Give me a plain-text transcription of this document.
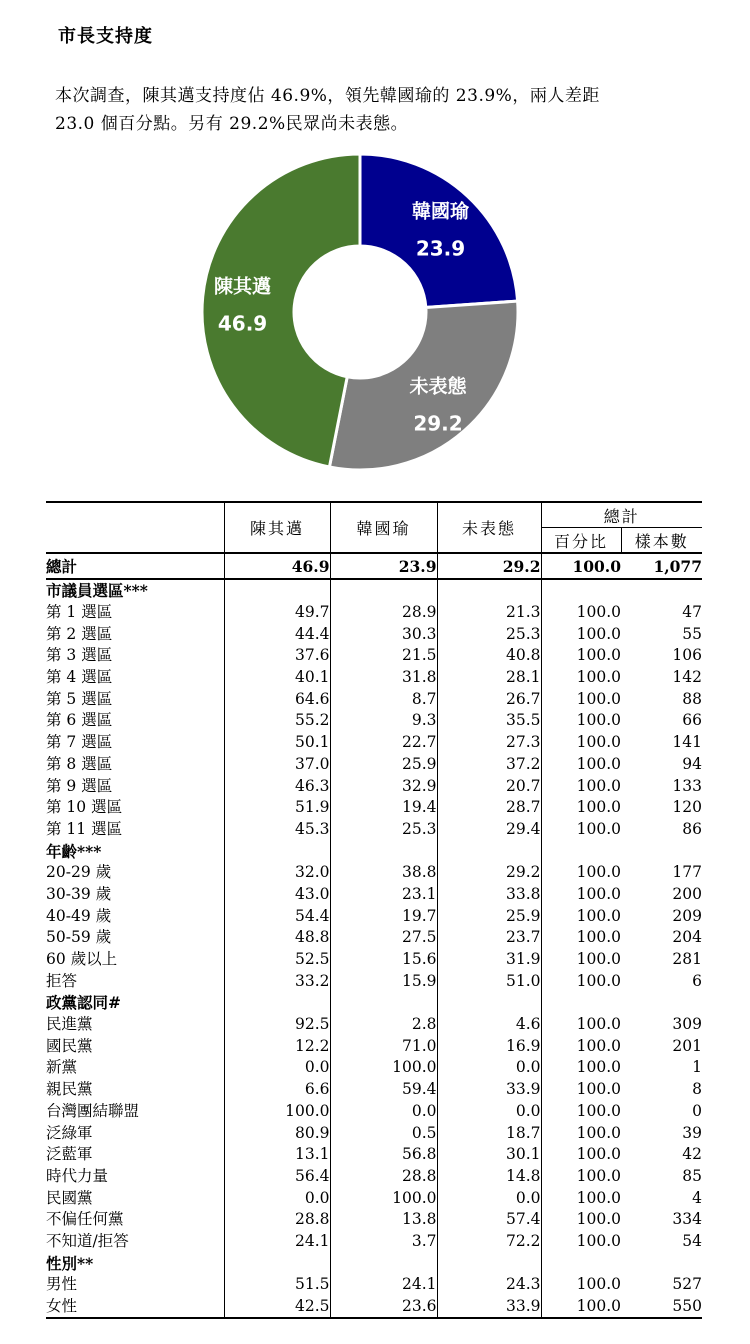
市長支持度
本次調查，陳其邁支持度佔 46.9%，領先韓國瑜的 23.9%，兩人差距
23.0 個百分點。另有 29.2%民眾尚未表態。
韓國瑜
23.9
未表態
29.2
陳其邁
46.9
	陳其邁	韓國瑜	未表態	總計	
				百分比	樣本數
總計	46.9	23.9	29.2	100.0	1,077
市議員選區***					
第 1 選區	49.7	28.9	21.3	100.0	47
第 2 選區	44.4	30.3	25.3	100.0	55
第 3 選區	37.6	21.5	40.8	100.0	106
第 4 選區	40.1	31.8	28.1	100.0	142
第 5 選區	64.6	8.7	26.7	100.0	88
第 6 選區	55.2	9.3	35.5	100.0	66
第 7 選區	50.1	22.7	27.3	100.0	141
第 8 選區	37.0	25.9	37.2	100.0	94
第 9 選區	46.3	32.9	20.7	100.0	133
第 10 選區	51.9	19.4	28.7	100.0	120
第 11 選區	45.3	25.3	29.4	100.0	86
年齡***					
20-29 歲	32.0	38.8	29.2	100.0	177
30-39 歲	43.0	23.1	33.8	100.0	200
40-49 歲	54.4	19.7	25.9	100.0	209
50-59 歲	48.8	27.5	23.7	100.0	204
60 歲以上	52.5	15.6	31.9	100.0	281
拒答	33.2	15.9	51.0	100.0	6
政黨認同#					
民進黨	92.5	2.8	4.6	100.0	309
國民黨	12.2	71.0	16.9	100.0	201
新黨	0.0	100.0	0.0	100.0	1
親民黨	6.6	59.4	33.9	100.0	8
台灣團結聯盟	100.0	0.0	0.0	100.0	0
泛綠軍	80.9	0.5	18.7	100.0	39
泛藍軍	13.1	56.8	30.1	100.0	42
時代力量	56.4	28.8	14.8	100.0	85
民國黨	0.0	100.0	0.0	100.0	4
不偏任何黨	28.8	13.8	57.4	100.0	334
不知道/拒答	24.1	3.7	72.2	100.0	54
性別**					
男性	51.5	24.1	24.3	100.0	527
女性	42.5	23.6	33.9	100.0	550
